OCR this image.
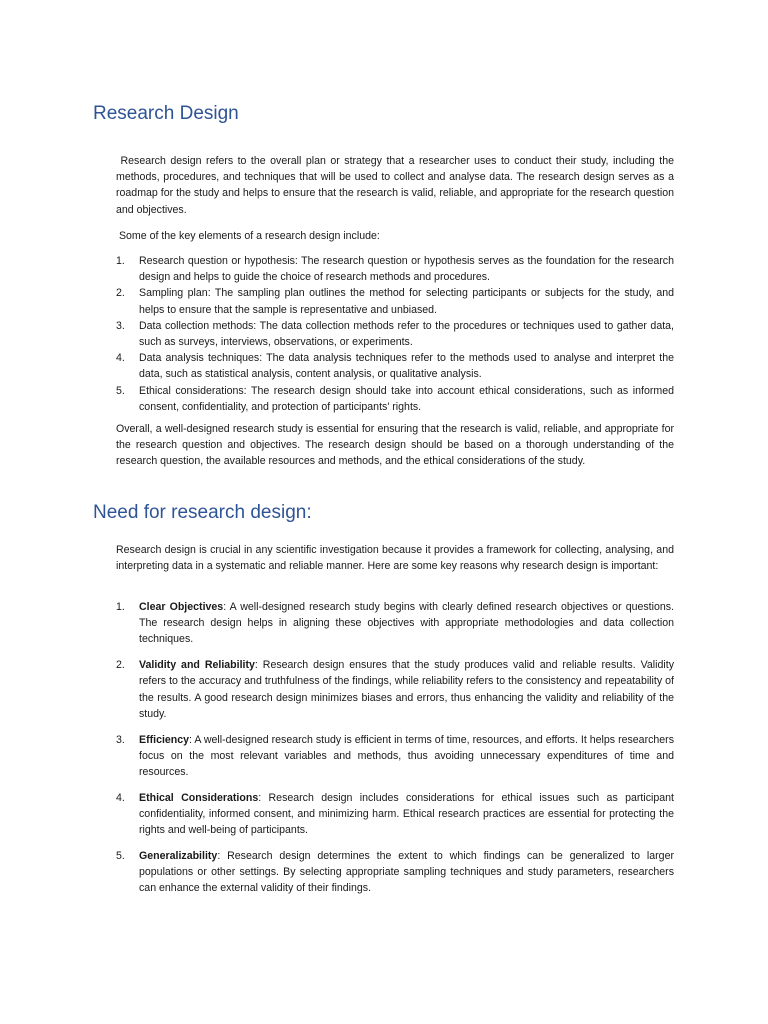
Research Design

Research design refers to the overall plan or strategy that a researcher uses to conduct their study, including the methods, procedures, and techniques that will be used to collect and analyse data. The research design serves as a roadmap for the study and helps to ensure that the research is valid, reliable, and appropriate for the research question and objectives.

Some of the key elements of a research design include:

1. Research question or hypothesis: The research question or hypothesis serves as the foundation for the research design and helps to guide the choice of research methods and procedures.
2. Sampling plan: The sampling plan outlines the method for selecting participants or subjects for the study, and helps to ensure that the sample is representative and unbiased.
3. Data collection methods: The data collection methods refer to the procedures or techniques used to gather data, such as surveys, interviews, observations, or experiments.
4. Data analysis techniques: The data analysis techniques refer to the methods used to analyse and interpret the data, such as statistical analysis, content analysis, or qualitative analysis.
5. Ethical considerations: The research design should take into account ethical considerations, such as informed consent, confidentiality, and protection of participants' rights.

Overall, a well-designed research study is essential for ensuring that the research is valid, reliable, and appropriate for the research question and objectives. The research design should be based on a thorough understanding of the research question, the available resources and methods, and the ethical considerations of the study.

Need for research design:

Research design is crucial in any scientific investigation because it provides a framework for collecting, analysing, and interpreting data in a systematic and reliable manner. Here are some key reasons why research design is important:

1. Clear Objectives: A well-designed research study begins with clearly defined research objectives or questions. The research design helps in aligning these objectives with appropriate methodologies and data collection techniques.
2. Validity and Reliability: Research design ensures that the study produces valid and reliable results. Validity refers to the accuracy and truthfulness of the findings, while reliability refers to the consistency and repeatability of the results. A good research design minimizes biases and errors, thus enhancing the validity and reliability of the study.
3. Efficiency: A well-designed research study is efficient in terms of time, resources, and efforts. It helps researchers focus on the most relevant variables and methods, thus avoiding unnecessary expenditures of time and resources.
4. Ethical Considerations: Research design includes considerations for ethical issues such as participant confidentiality, informed consent, and minimizing harm. Ethical research practices are essential for protecting the rights and well-being of participants.
5. Generalizability: Research design determines the extent to which findings can be generalized to larger populations or other settings. By selecting appropriate sampling techniques and study parameters, researchers can enhance the external validity of their findings.
